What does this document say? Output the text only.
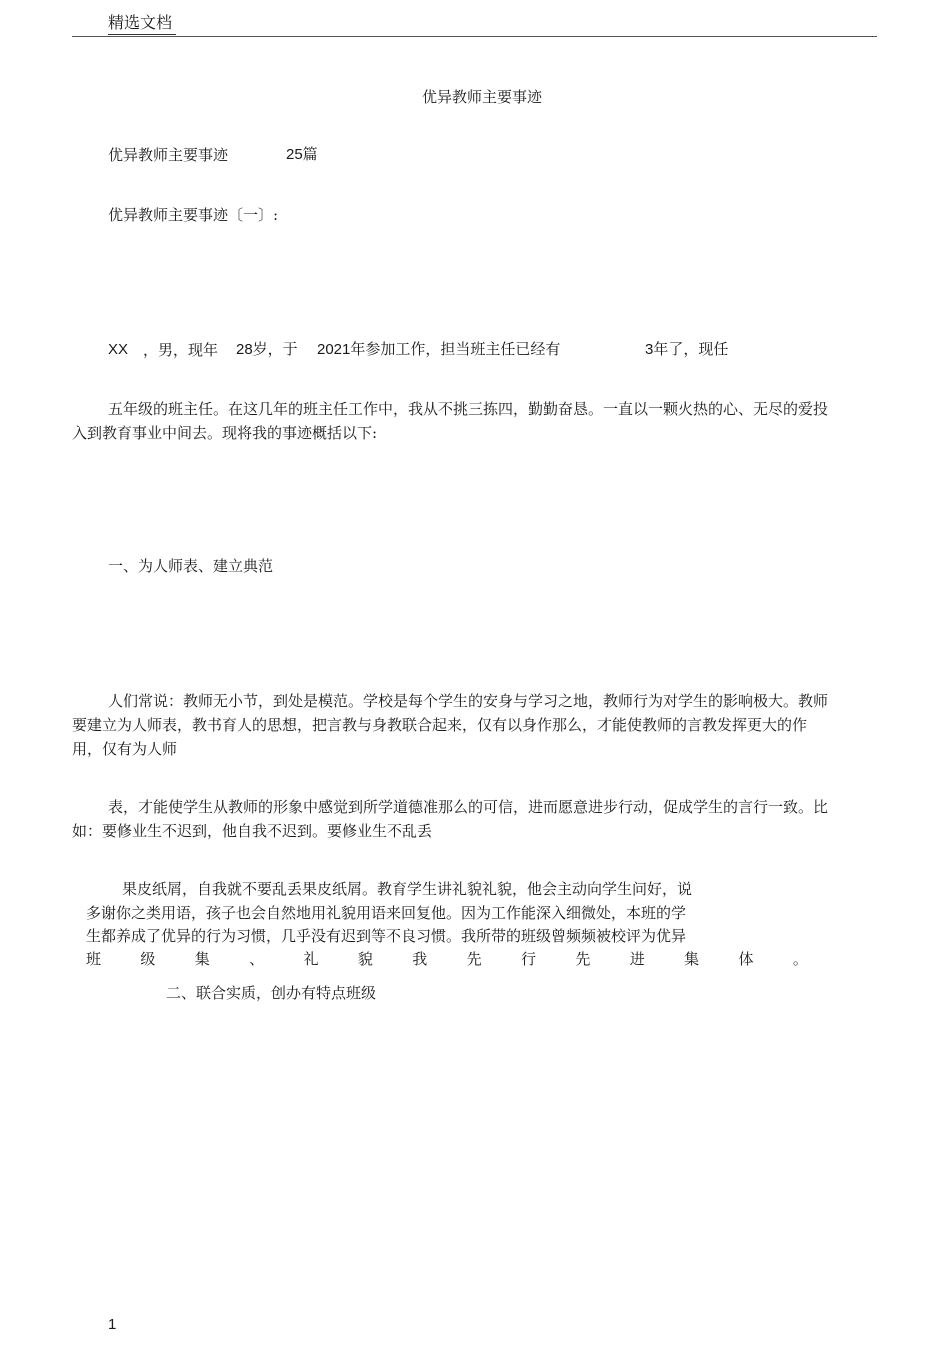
精选文档
优异教师主要事迹
优异教师主要事迹	25篇
优异教师主要事迹〔一〕:
XX ，男，现年 28岁，于 2021年参加工作，担当班主任已经有	3年了，现任
五年级的班主任。在这几年的班主任工作中，我从不挑三拣四，勤勤奋恳。一直以一颗火热的心、无尽的爱投入到教育事业中间去。现将我的事迹概括以下:
一、为人师表、建立典范
人们常说：教师无小节，到处是模范。学校是每个学生的安身与学习之地，教师行为对学生的影响极大。教师要建立为人师表，教书育人的思想，把言教与身教联合起来，仅有以身作那么，才能使教师的言教发挥更大的作用，仅有为人师
表，才能使学生从教师的形象中感觉到所学道德准那么的可信，进而愿意进步行动，促成学生的言行一致。比如：要修业生不迟到，他自我不迟到。要修业生不乱丢
果皮纸屑，自我就不要乱丢果皮纸屑。教育学生讲礼貌礼貌，他会主动向学生问好，说
多谢你之类用语，孩子也会自然地用礼貌用语来回复他。因为工作能深入细微处，本班的学
生都养成了优异的行为习惯，几乎没有迟到等不良习惯。我所带的班级曾频频被校评为优异
班	级	集	、	礼	貌	我	先	行	先	进	集	体	。
二、联合实质，创办有特点班级
1
